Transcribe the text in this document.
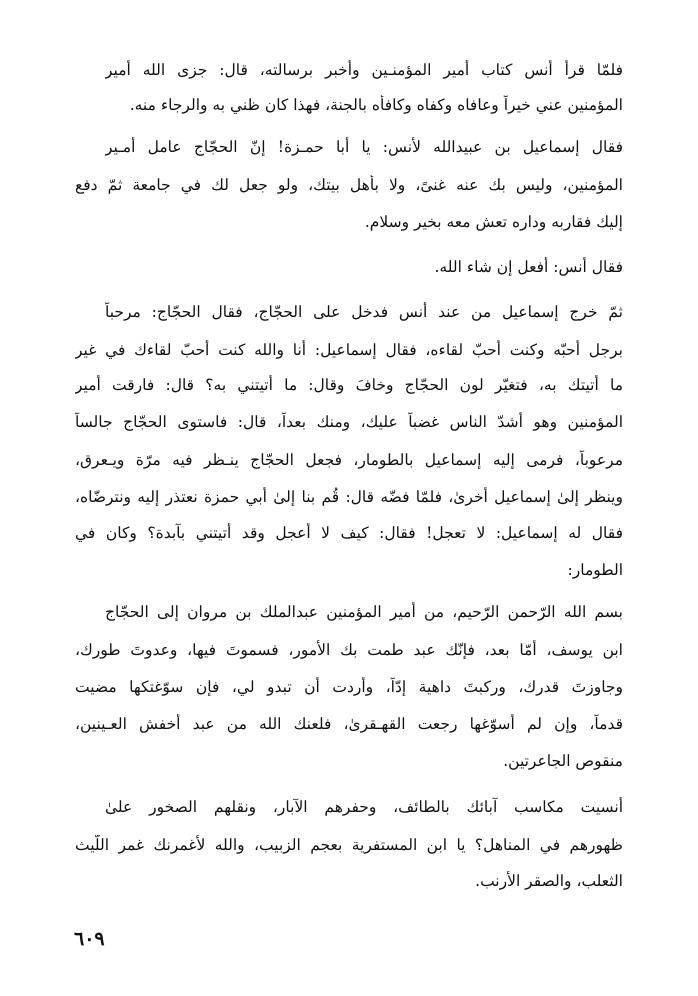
فلمّا قرأ أنس كتاب أمير المؤمنـين وأخبر برسالته، قال: جزى الله أمير
المؤمنين عني خيراً وعافاه وكفاه وكافأه بالجنة، فهذا كان ظني به والرجاء منه.
فقال إسماعيل بن عبيدالله لأنس: يا أبا حمـزة! إنّ الحجّاج عامل أمـير
المؤمنين، وليس بك عنه غنىً، ولا بأهل بيتك، ولو جعل لك في جامعة ثمّ دفع
إليك فقاربه وداره تعش معه بخير وسلام.
فقال أنس: أفعل إن شاء الله.
ثمّ خرج إسماعيل من عند أنس فدخل على الحجّاج، فقال الحجّاج: مرحباً
برجل أُحبّه وكنت أُحبّ لقاءه، فقال إسماعيل: أنا والله كنت أُحبّ لقاءك في غير
ما أتيتك به، فتغيّر لون الحجّاج وخافَ وقال: ما أتيتني به؟ قال: فارقت أمير
المؤمنين وهو أشدّ الناس غضباً عليك، ومنك بعداً، قال: فاستوى الحجّاج جالساً
مرعوباً، فرمى إليه إسماعيل بالطومار، فجعل الحجّاج ينـظر فيه مرّة ويـعرق،
وينظر إلىٰ إسماعيل أُخرىٰ، فلمّا فضّه قال: قُم بنا إلىٰ أبي حمزة نعتذر إليه ونترضّاه،
فقال له إسماعيل: لا تعجل! فقال: كيف لا أعجل وقد أتيتني بآبدة؟ وكان في
الطومار:
بسم الله الرّحمن الرّحيم، من أمير المؤمنين عبدالملك بن مروان إلى الحجّاج
ابن يوسف، أمّا بعد، فإنّك عبد طمت بك الأمور، فسموتَ فيها، وعدوتَ طورك،
وجاوزتَ قدرك، وركبتَ داهية إدّاً، وأردت أن تبدو لي، فإن سوّغتكها مضيت
قدماً، وإن لم أُسوّغها رجعت القهـقرىٰ، فلعنك الله من عبد أخفش العـينين،
منقوص الجاعرتين.
أنسيت مكاسب آبائك بالطائف، وحفرهم الآبار، ونقلهم الصخور علىٰ
ظهورهم في المناهل؟ يا ابن المستفرية بعجم الزبيب، والله لأغمرنك غمر اللّيث
الثعلب، والصقر الأرنب.
٦٠٩
